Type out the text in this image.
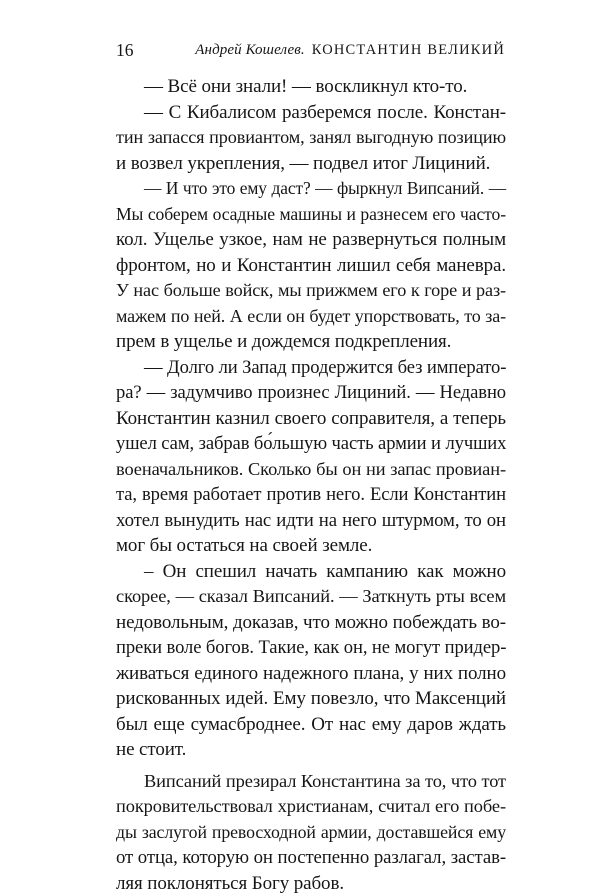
16	Андрей Кошелев. КОНСТАНТИН ВЕЛИКИЙ
— Всё они знали! — воскликнул кто-то.
— С Кибалисом разберемся после. Констан-
тин запасся провиантом, занял выгодную позицию
и возвел укрепления, — подвел итог Лициний.
— И что это ему даст? — фыркнул Випсаний. —
Мы соберем осадные машины и разнесем его часто-
кол. Ущелье узкое, нам не развернуться полным
фронтом, но и Константин лишил себя маневра.
У нас больше войск, мы прижмем его к горе и раз-
мажем по ней. А если он будет упорствовать, то за-
прем в ущелье и дождемся подкрепления.
— Долго ли Запад продержится без императо-
ра? — задумчиво произнес Лициний. — Недавно
Константин казнил своего соправителя, а теперь
ушел сам, забрав бо́льшую часть армии и лучших
военачальников. Сколько бы он ни запас провиан-
та, время работает против него. Если Константин
хотел вынудить нас идти на него штурмом, то он
мог бы остаться на своей земле.
– Он спешил начать кампанию как можно
скорее, — сказал Випсаний. — Заткнуть рты всем
недовольным, доказав, что можно побеждать во-
преки воле богов. Такие, как он, не могут придер-
живаться единого надежного плана, у них полно
рискованных идей. Ему повезло, что Максенций
был еще сумасброднее. От нас ему даров ждать
не стоит.
Випсаний презирал Константина за то, что тот
покровительствовал христианам, считал его побе-
ды заслугой превосходной армии, доставшейся ему
от отца, которую он постепенно разлагал, застав-
ляя поклоняться Богу рабов.
